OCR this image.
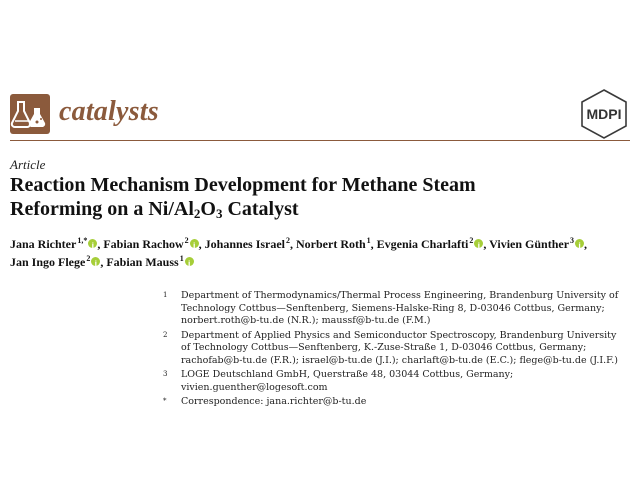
catalysts	MDPI
Article
Reaction Mechanism Development for Methane Steam
Reforming on a $Ni/Al_2O_3$ Catalyst
Jana Richter$^{1,*}$ i , Fabian Rachow$^2$ i , Johannes Israel$^2$, Norbert Roth$^1$, Evgenia Charlafti$^2$ i , Vivien Günther$^3$ i ,
Jan Ingo Flege$^2$ i , Fabian Mauss$^1$i
1	Department of Thermodynamics/Thermal Process Engineering, Brandenburg University of Technology Cottbus—Senftenberg, Siemens-Halske-Ring 8, D-03046 Cottbus, Germany; norbert.roth@b-tu.de (N.R.); maussf@b-tu.de (F.M.)
2	Department of Applied Physics and Semiconductor Spectroscopy, Brandenburg University of Technology Cottbus—Senftenberg, K.-Zuse-Straße 1, D-03046 Cottbus, Germany; rachofab@b-tu.de (F.R.); israel@b-tu.de (J.I.); charlaft@b-tu.de (E.C.); flege@b-tu.de (J.I.F.)
3	LOGE Deutschland GmbH, Querstraße 48, 03044 Cottbus, Germany; vivien.guenther@logesoft.com
*	Correspondence: jana.richter@b-tu.de
